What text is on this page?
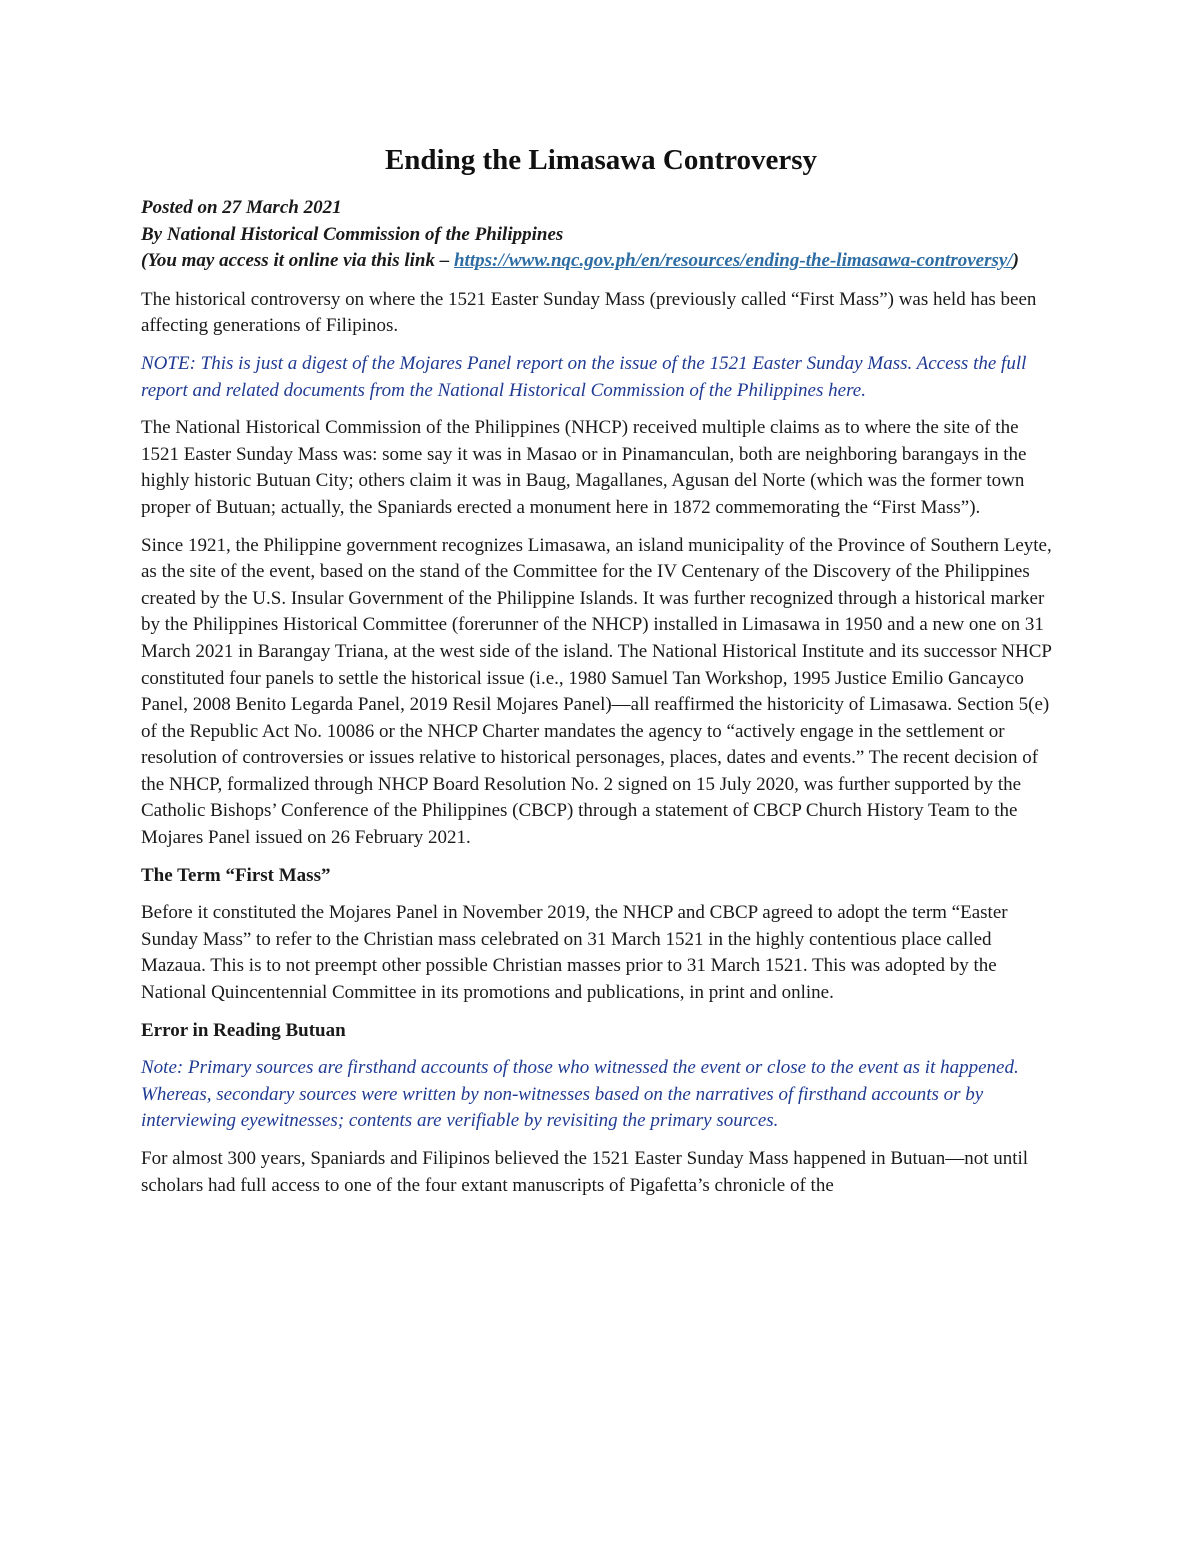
Ending the Limasawa Controversy

Posted on 27 March 2021

By National Historical Commission of the Philippines

(You may access it online via this link – https://www.nqc.gov.ph/en/resources/ending-the-limasawa-controversy/)

The historical controversy on where the 1521 Easter Sunday Mass (previously called “First Mass”) was held has been affecting generations of Filipinos.

NOTE: This is just a digest of the Mojares Panel report on the issue of the 1521 Easter Sunday Mass. Access the full report and related documents from the National Historical Commission of the Philippines here.

The National Historical Commission of the Philippines (NHCP) received multiple claims as to where the site of the 1521 Easter Sunday Mass was: some say it was in Masao or in Pinamanculan, both are neighboring barangays in the highly historic Butuan City; others claim it was in Baug, Magallanes, Agusan del Norte (which was the former town proper of Butuan; actually, the Spaniards erected a monument here in 1872 commemorating the “First Mass”).

Since 1921, the Philippine government recognizes Limasawa, an island municipality of the Province of Southern Leyte, as the site of the event, based on the stand of the Committee for the IV Centenary of the Discovery of the Philippines created by the U.S. Insular Government of the Philippine Islands. It was further recognized through a historical marker by the Philippines Historical Committee (forerunner of the NHCP) installed in Limasawa in 1950 and a new one on 31 March 2021 in Barangay Triana, at the west side of the island. The National Historical Institute and its successor NHCP constituted four panels to settle the historical issue (i.e., 1980 Samuel Tan Workshop, 1995 Justice Emilio Gancayco Panel, 2008 Benito Legarda Panel, 2019 Resil Mojares Panel)—all reaffirmed the historicity of Limasawa. Section 5(e) of the Republic Act No. 10086 or the NHCP Charter mandates the agency to “actively engage in the settlement or resolution of controversies or issues relative to historical personages, places, dates and events.” The recent decision of the NHCP, formalized through NHCP Board Resolution No. 2 signed on 15 July 2020, was further supported by the Catholic Bishops’ Conference of the Philippines (CBCP) through a statement of CBCP Church History Team to the Mojares Panel issued on 26 February 2021.

The Term “First Mass”

Before it constituted the Mojares Panel in November 2019, the NHCP and CBCP agreed to adopt the term “Easter Sunday Mass” to refer to the Christian mass celebrated on 31 March 1521 in the highly contentious place called Mazaua. This is to not preempt other possible Christian masses prior to 31 March 1521. This was adopted by the National Quincentennial Committee in its promotions and publications, in print and online.

Error in Reading Butuan

Note: Primary sources are firsthand accounts of those who witnessed the event or close to the event as it happened. Whereas, secondary sources were written by non-witnesses based on the narratives of firsthand accounts or by interviewing eyewitnesses; contents are verifiable by revisiting the primary sources.

For almost 300 years, Spaniards and Filipinos believed the 1521 Easter Sunday Mass happened in Butuan—not until scholars had full access to one of the four extant manuscripts of Pigafetta’s chronicle of the
